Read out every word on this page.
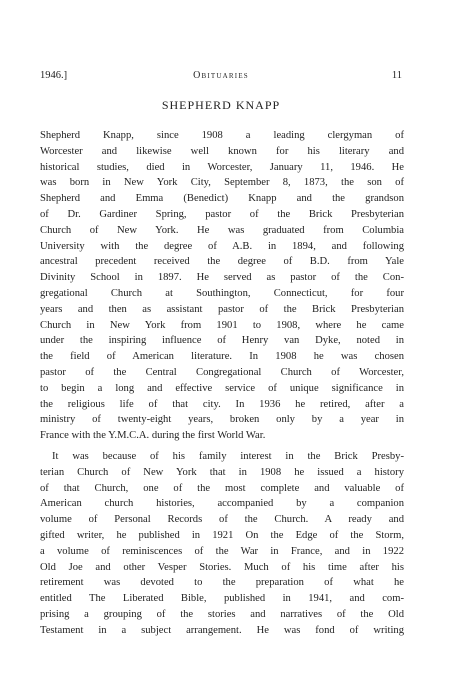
1946.]	Obituaries	11
SHEPHERD KNAPP
Shepherd Knapp, since 1908 a leading clergyman of
Worcester and likewise well known for his literary and
historical studies, died in Worcester, January 11, 1946. He
was born in New York City, September 8, 1873, the son of
Shepherd and Emma (Benedict) Knapp and the grandson
of Dr. Gardiner Spring, pastor of the Brick Presbyterian
Church of New York. He was graduated from Columbia
University with the degree of A.B. in 1894, and following
ancestral precedent received the degree of B.D. from Yale
Divinity School in 1897. He served as pastor of the Con-
gregational Church at Southington, Connecticut, for four
years and then as assistant pastor of the Brick Presbyterian
Church in New York from 1901 to 1908, where he came
under the inspiring influence of Henry van Dyke, noted in
the field of American literature. In 1908 he was chosen
pastor of the Central Congregational Church of Worcester,
to begin a long and effective service of unique significance in
the religious life of that city. In 1936 he retired, after a
ministry of twenty-eight years, broken only by a year in
France with the Y.M.C.A. during the first World War.
It was because of his family interest in the Brick Presby-
terian Church of New York that in 1908 he issued a history
of that Church, one of the most complete and valuable of
American church histories, accompanied by a companion
volume of Personal Records of the Church. A ready and
gifted writer, he published in 1921 On the Edge of the Storm,
a volume of reminiscences of the War in France, and in 1922
Old Joe and other Vesper Stories. Much of his time after his
retirement was devoted to the preparation of what he
entitled The Liberated Bible, published in 1941, and com-
prising a grouping of the stories and narratives of the Old
Testament in a subject arrangement. He was fond of writing
